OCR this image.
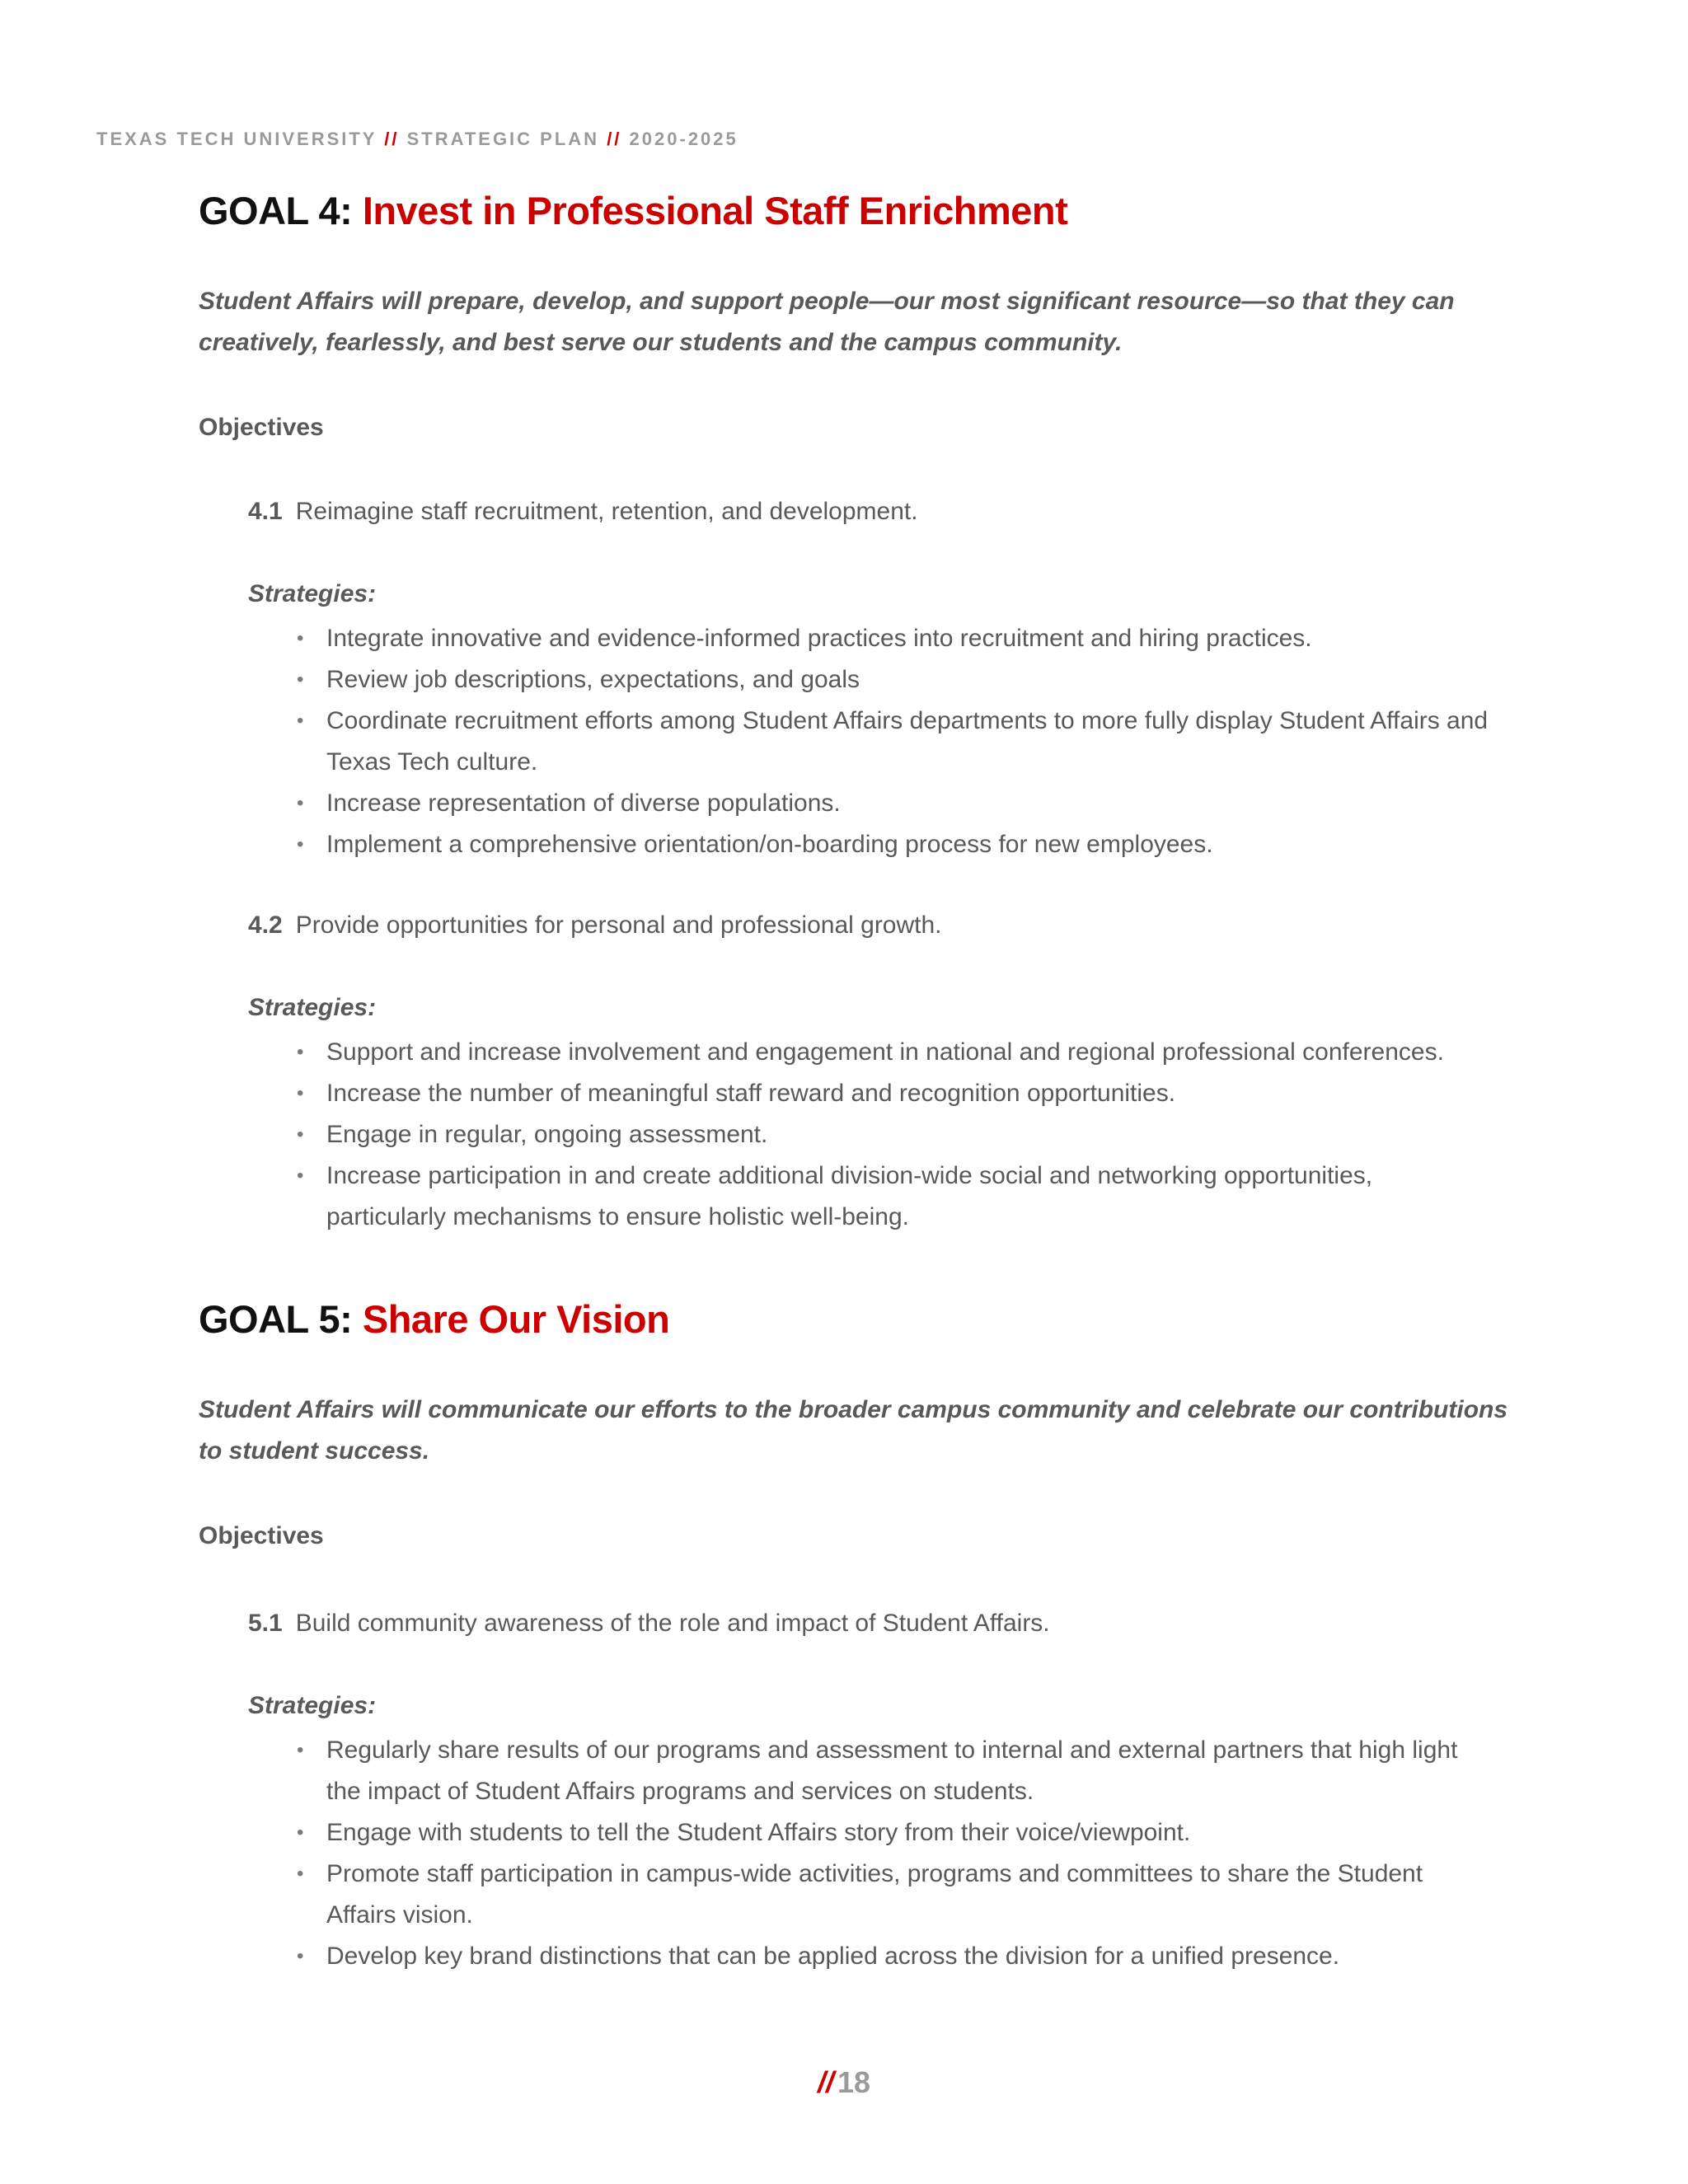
TEXAS TECH UNIVERSITY // STRATEGIC PLAN // 2020-2025
GOAL 4: Invest in Professional Staff Enrichment

Student Affairs will prepare, develop, and support people—our most significant resource—so that they can creatively, fearlessly, and best serve our students and the campus community.

Objectives
4.1 Reimagine staff recruitment, retention, and development.
Strategies:
• Integrate innovative and evidence-informed practices into recruitment and hiring practices.
• Review job descriptions, expectations, and goals
• Coordinate recruitment efforts among Student Affairs departments to more fully display Student Affairs and Texas Tech culture.
• Increase representation of diverse populations.
• Implement a comprehensive orientation/on-boarding process for new employees.
4.2 Provide opportunities for personal and professional growth.
Strategies:
• Support and increase involvement and engagement in national and regional professional conferences.
• Increase the number of meaningful staff reward and recognition opportunities.
• Engage in regular, ongoing assessment.
• Increase participation in and create additional division-wide social and networking opportunities, particularly mechanisms to ensure holistic well-being.
GOAL 5: Share Our Vision

Student Affairs will communicate our efforts to the broader campus community and celebrate our contributions to student success.

Objectives
5.1 Build community awareness of the role and impact of Student Affairs.
Strategies:
• Regularly share results of our programs and assessment to internal and external partners that high light the impact of Student Affairs programs and services on students.
• Engage with students to tell the Student Affairs story from their voice/viewpoint.
• Promote staff participation in campus-wide activities, programs and committees to share the Student Affairs vision.
• Develop key brand distinctions that can be applied across the division for a unified presence.
// 18
